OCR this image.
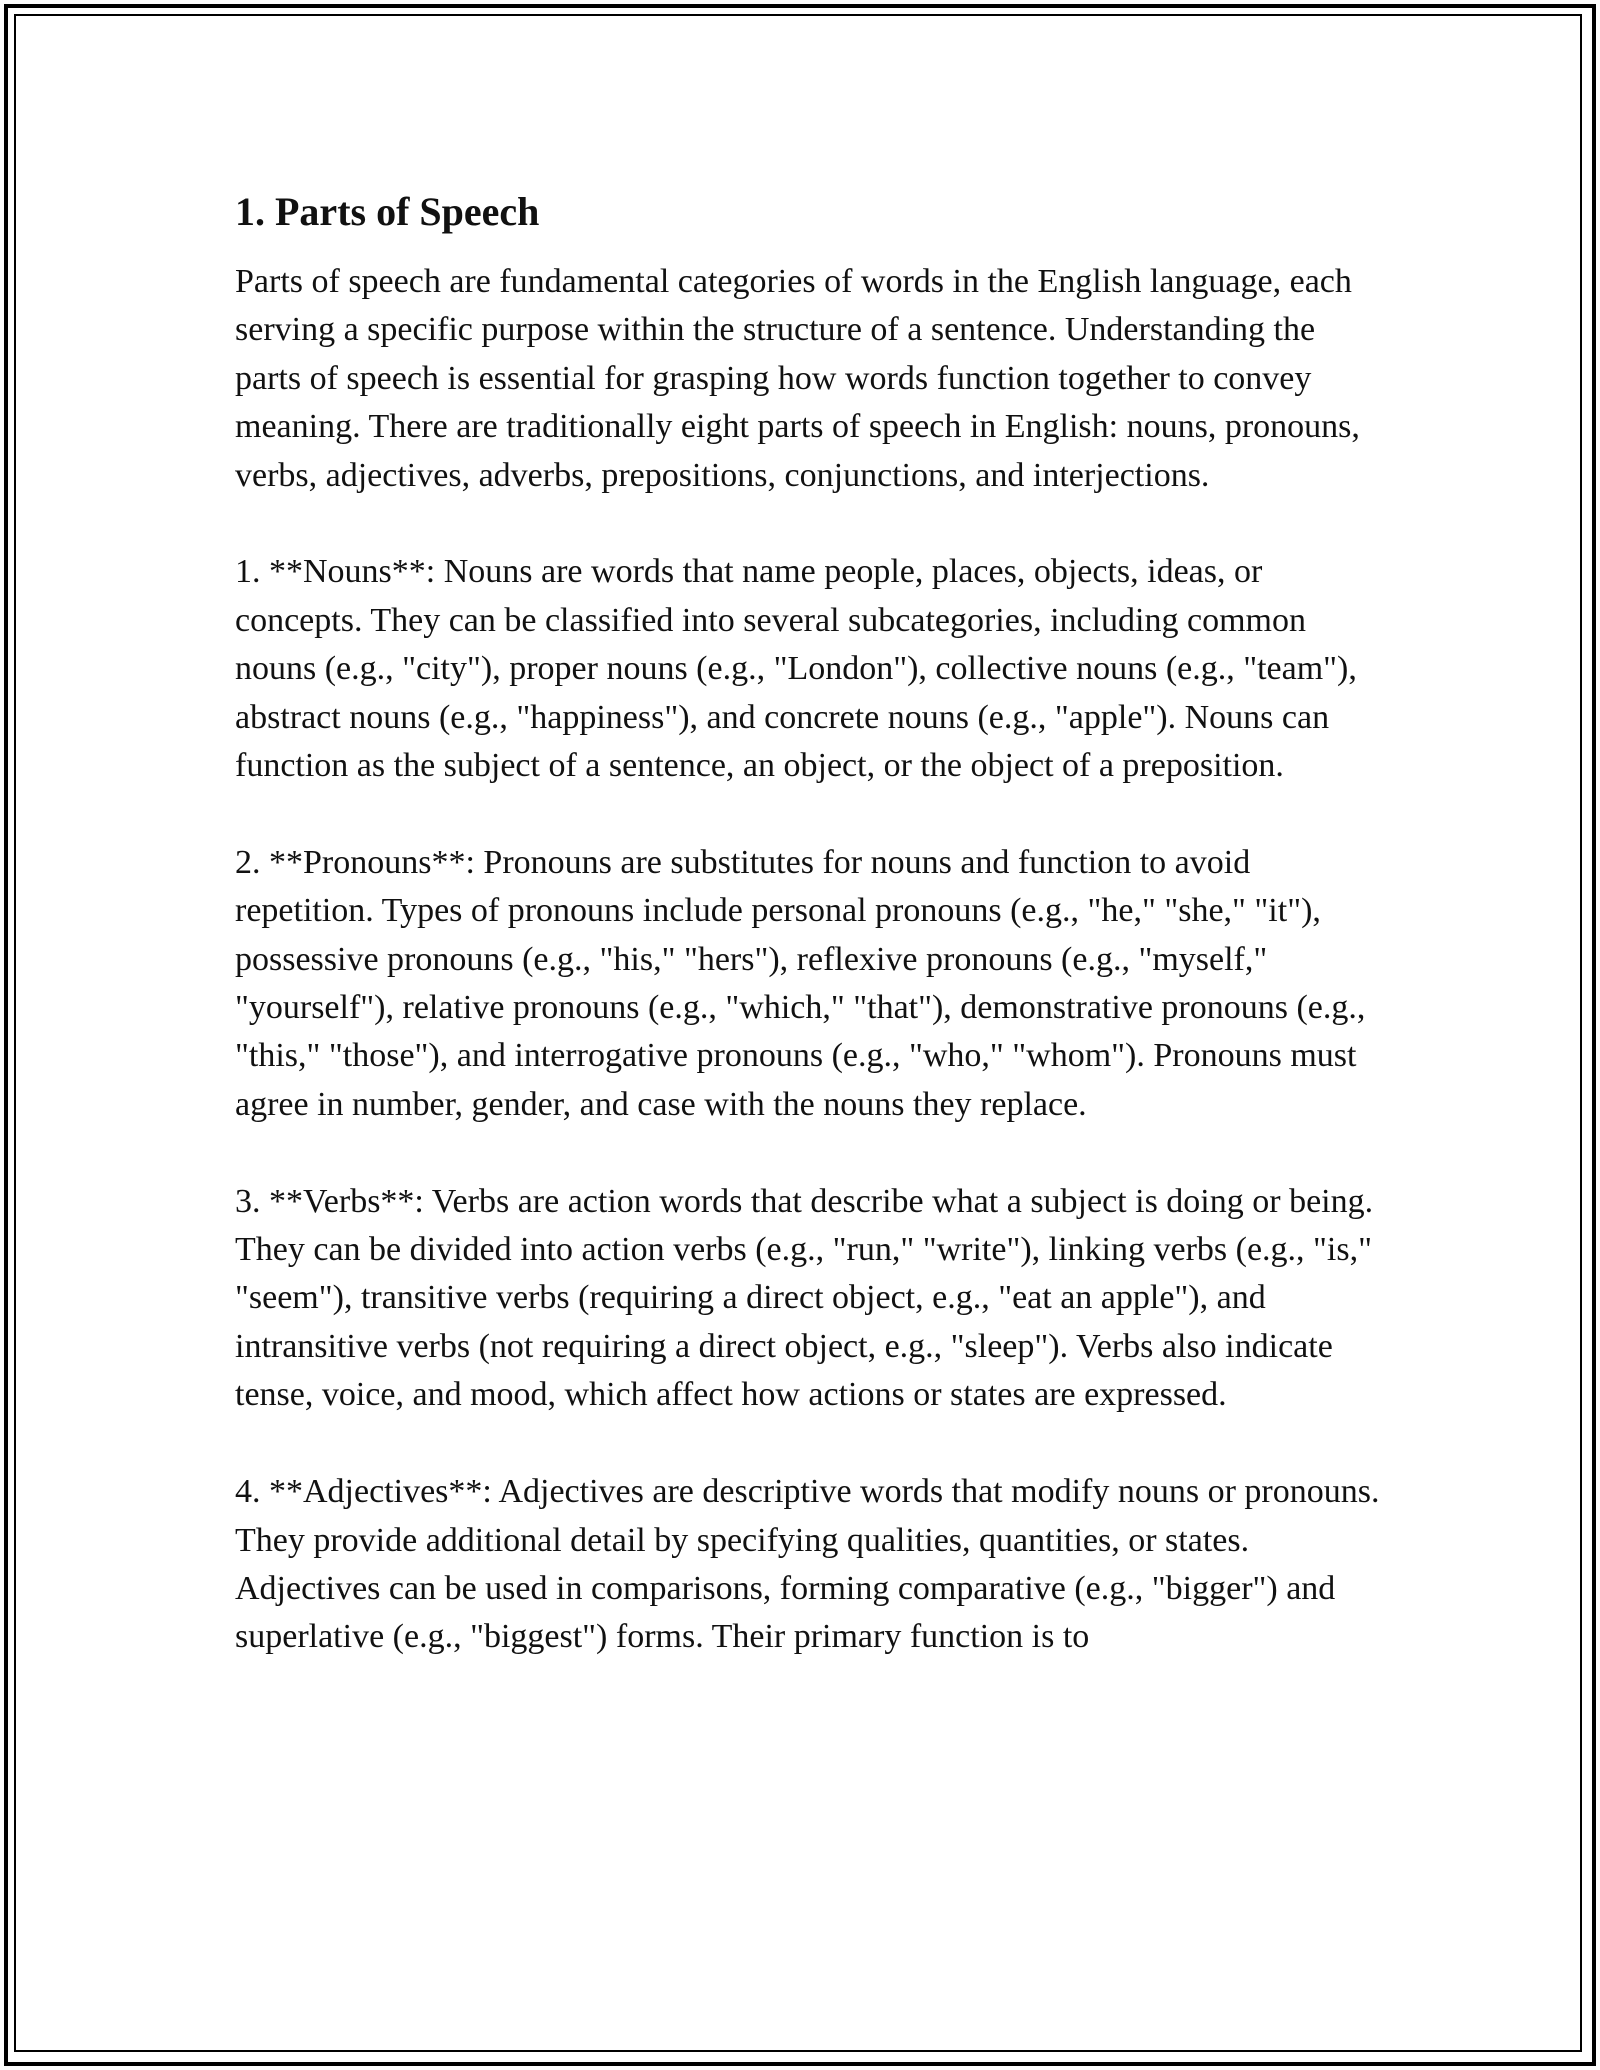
1. Parts of Speech

Parts of speech are fundamental categories of words in the English language, each serving a specific purpose within the structure of a sentence. Understanding the parts of speech is essential for grasping how words function together to convey meaning. There are traditionally eight parts of speech in English: nouns, pronouns, verbs, adjectives, adverbs, prepositions, conjunctions, and interjections.

1. **Nouns**: Nouns are words that name people, places, objects, ideas, or concepts. They can be classified into several subcategories, including common nouns (e.g., "city"), proper nouns (e.g., "London"), collective nouns (e.g., "team"), abstract nouns (e.g., "happiness"), and concrete nouns (e.g., "apple"). Nouns can function as the subject of a sentence, an object, or the object of a preposition.

2. **Pronouns**: Pronouns are substitutes for nouns and function to avoid repetition. Types of pronouns include personal pronouns (e.g., "he," "she," "it"), possessive pronouns (e.g., "his," "hers"), reflexive pronouns (e.g., "myself," "yourself"), relative pronouns (e.g., "which," "that"), demonstrative pronouns (e.g., "this," "those"), and interrogative pronouns (e.g., "who," "whom"). Pronouns must agree in number, gender, and case with the nouns they replace.

3. **Verbs**: Verbs are action words that describe what a subject is doing or being. They can be divided into action verbs (e.g., "run," "write"), linking verbs (e.g., "is," "seem"), transitive verbs (requiring a direct object, e.g., "eat an apple"), and intransitive verbs (not requiring a direct object, e.g., "sleep"). Verbs also indicate tense, voice, and mood, which affect how actions or states are expressed.

4. **Adjectives**: Adjectives are descriptive words that modify nouns or pronouns. They provide additional detail by specifying qualities, quantities, or states. Adjectives can be used in comparisons, forming comparative (e.g., "bigger") and superlative (e.g., "biggest") forms. Their primary function is to
